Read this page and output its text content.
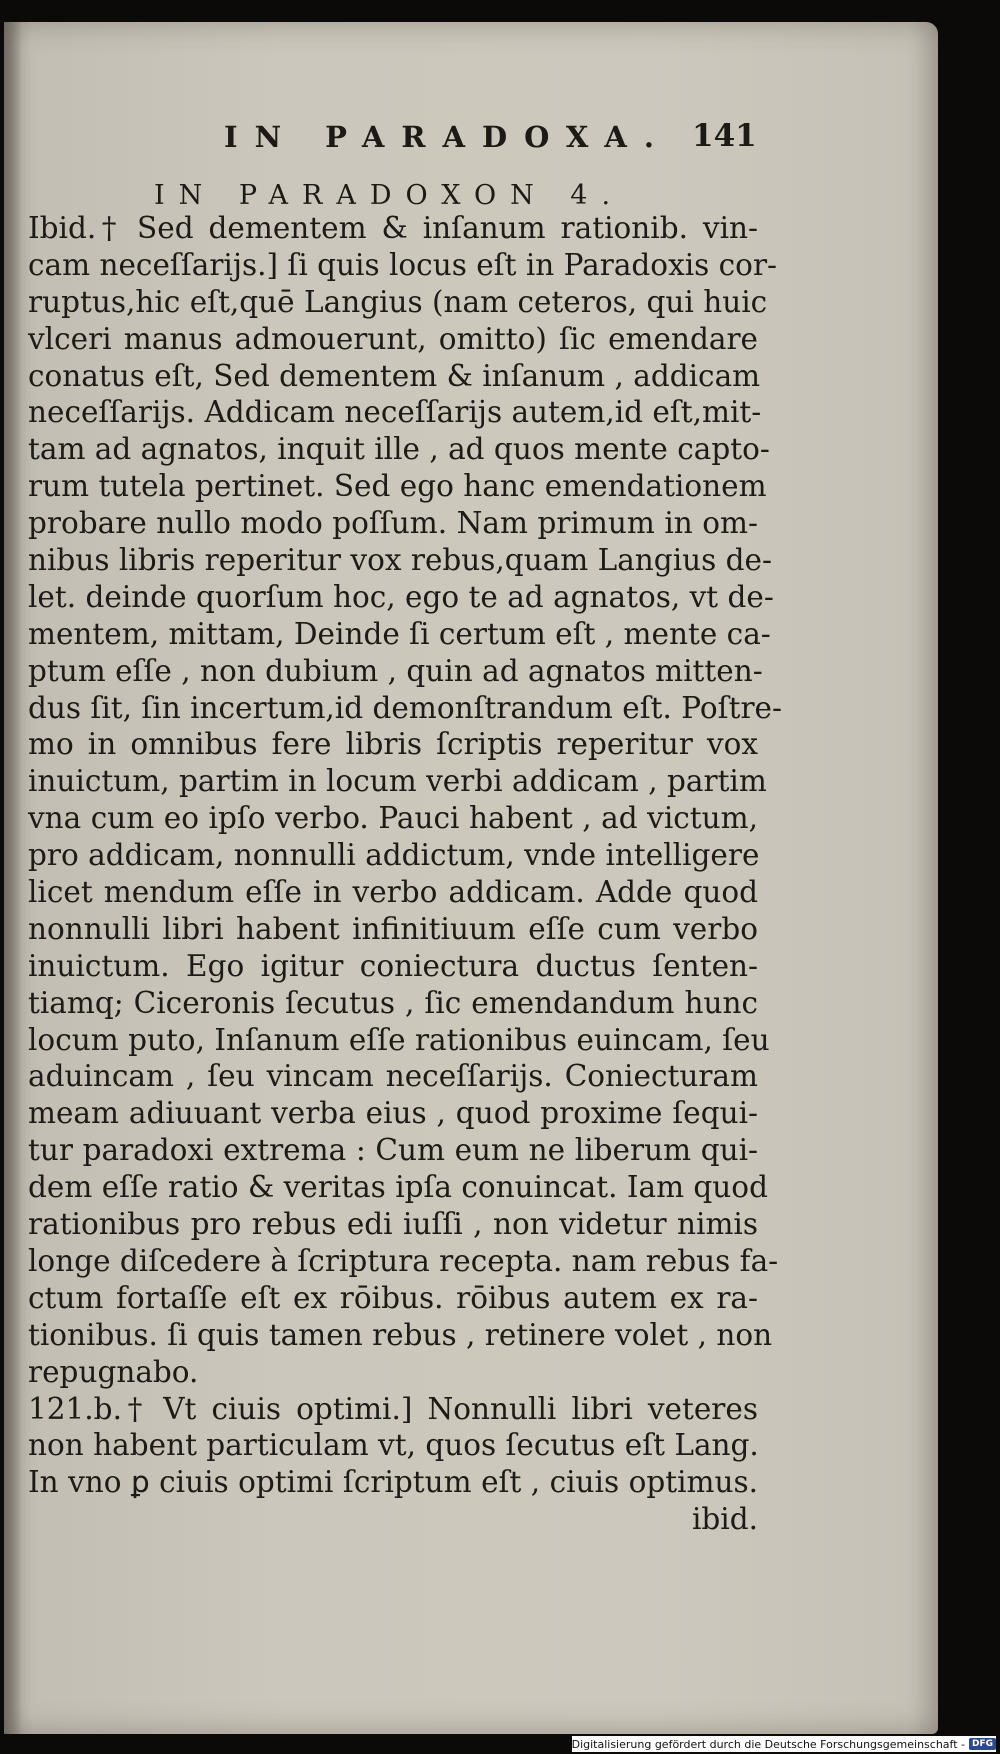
IN PARADOXA. 141
IN PARADOXON 4.
Ibid.† Sed dementem & inſanum rationib. vin-
cam neceſſarijs.] ſi quis locus eſt in Paradoxis cor-
ruptus,hic eſt,quē Langius (nam ceteros, qui huic
vlceri manus admouerunt, omitto) ſic emendare
conatus eſt, Sed dementem & inſanum , addicam
neceſſarijs. Addicam neceſſarijs autem,id eſt,mit-
tam ad agnatos, inquit ille , ad quos mente capto-
rum tutela pertinet. Sed ego hanc emendationem
probare nullo modo poſſum. Nam primum in om-
nibus libris reperitur vox rebus,quam Langius de-
let. deinde quorſum hoc, ego te ad agnatos, vt de-
mentem, mittam, Deinde ſi certum eſt , mente ca-
ptum eſſe , non dubium , quin ad agnatos mitten-
dus ſit, ſin incertum,id demonſtrandum eſt. Poſtre-
mo in omnibus fere libris ſcriptis reperitur vox
inuictum, partim in locum verbi addicam , partim
vna cum eo ipſo verbo. Pauci habent , ad victum,
pro addicam, nonnulli addictum, vnde intelligere
licet mendum eſſe in verbo addicam. Adde quod
nonnulli libri habent infinitiuum eſſe cum verbo
inuictum. Ego igitur coniectura ductus ſenten-
tiamq; Ciceronis ſecutus , ſic emendandum hunc
locum puto, Inſanum eſſe rationibus euincam, ſeu
aduincam , ſeu vincam neceſſarijs. Coniecturam
meam adiuuant verba eius , quod proxime ſequi-
tur paradoxi extrema : Cum eum ne liberum qui-
dem eſſe ratio & veritas ipſa conuincat. Iam quod
rationibus pro rebus edi iuſſi , non videtur nimis
longe diſcedere à ſcriptura recepta. nam rebus fa-
ctum fortaſſe eſt ex rōibus. rōibus autem ex ra-
tionibus. ſi quis tamen rebus , retinere volet , non
repugnabo.
121.b.† Vt ciuis optimi.] Nonnulli libri veteres
non habent particulam vt, quos ſecutus eſt Lang.
In vno ꝑ ciuis optimi ſcriptum eſt , ciuis optimus.
ibid.
Digitalisierung gefördert durch die Deutsche Forschungsgemeinschaft - DFG
